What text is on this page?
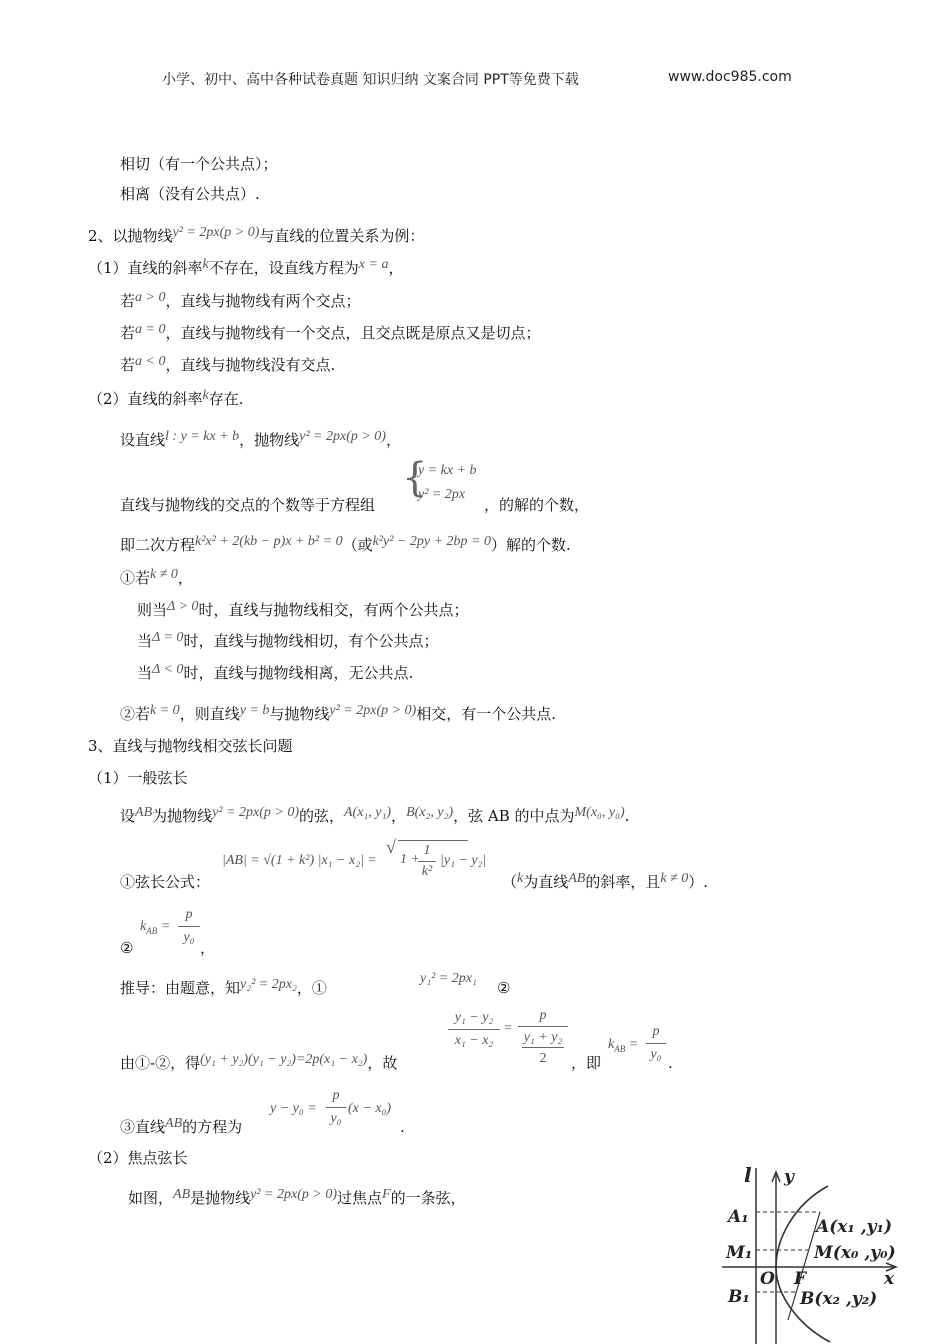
小学、初中、高中各种试卷真题 知识归纳 文案合同 PPT等免费下载	www.doc985.com
相切（有一个公共点）；
相离（没有公共点）.
2、以抛物线y² = 2px(p > 0)与直线的位置关系为例：
（1）直线的斜率k不存在，设直线方程为x = a，
若a > 0，直线与抛物线有两个交点；
若a = 0，直线与抛物线有一个交点，且交点既是原点又是切点；
若a < 0，直线与抛物线没有交点.
（2）直线的斜率k存在.
设直线l : y = kx + b，抛物线y² = 2px(p > 0)，
{
y = kx + b
y² = 2px
直线与抛物线的交点的个数等于方程组	，的解的个数，
即二次方程k²x² + 2(kb − p)x + b² = 0（或k²y² − 2py + 2bp = 0）解的个数.
①若k ≠ 0，
则当Δ > 0时，直线与抛物线相交，有两个公共点；
当Δ = 0时，直线与抛物线相切，有个公共点；
当Δ < 0时，直线与抛物线相离，无公共点.
②若k = 0，则直线y = b与抛物线y² = 2px(p > 0)相交，有一个公共点.
3、直线与抛物线相交弦长问题
（1）一般弦长
设AB为抛物线y² = 2px(p > 0)的弦，A(x₁, y₁)，B(x₂, y₂)，弦 AB 的中点为M(x₀, y₀).
|AB| = √(1 + k²) |x₁ − x₂| =
√
1 +
1
k²
|y₁ − y₂|
①弦长公式：	（k为直线AB的斜率，且k ≠ 0）.
$k_{AB}$ =
p
y₀
②	，
推导：由题意，知y₂² = 2px₂，①
y₁² = 2px₁
②
由①-②，得(y₁ + y₂)(y₁ − y₂)=2p(x₁ − x₂)，故
y₁ − y₂
x₁ − x₂
=
p
y₁ + y₂
2	，即
$k_{AB}$ =
p
y₀ .
y − y₀ =
p
y₀
(x − x₀)
③直线AB的方程为	.
（2）焦点弦长
如图，AB是抛物线y² = 2px(p > 0)过焦点F的一条弦，
l y
x
O F
A₁
M₁
B₁
A(x₁ ,y₁)
M(x₀ ,y₀)
B(x₂ ,y₂)
